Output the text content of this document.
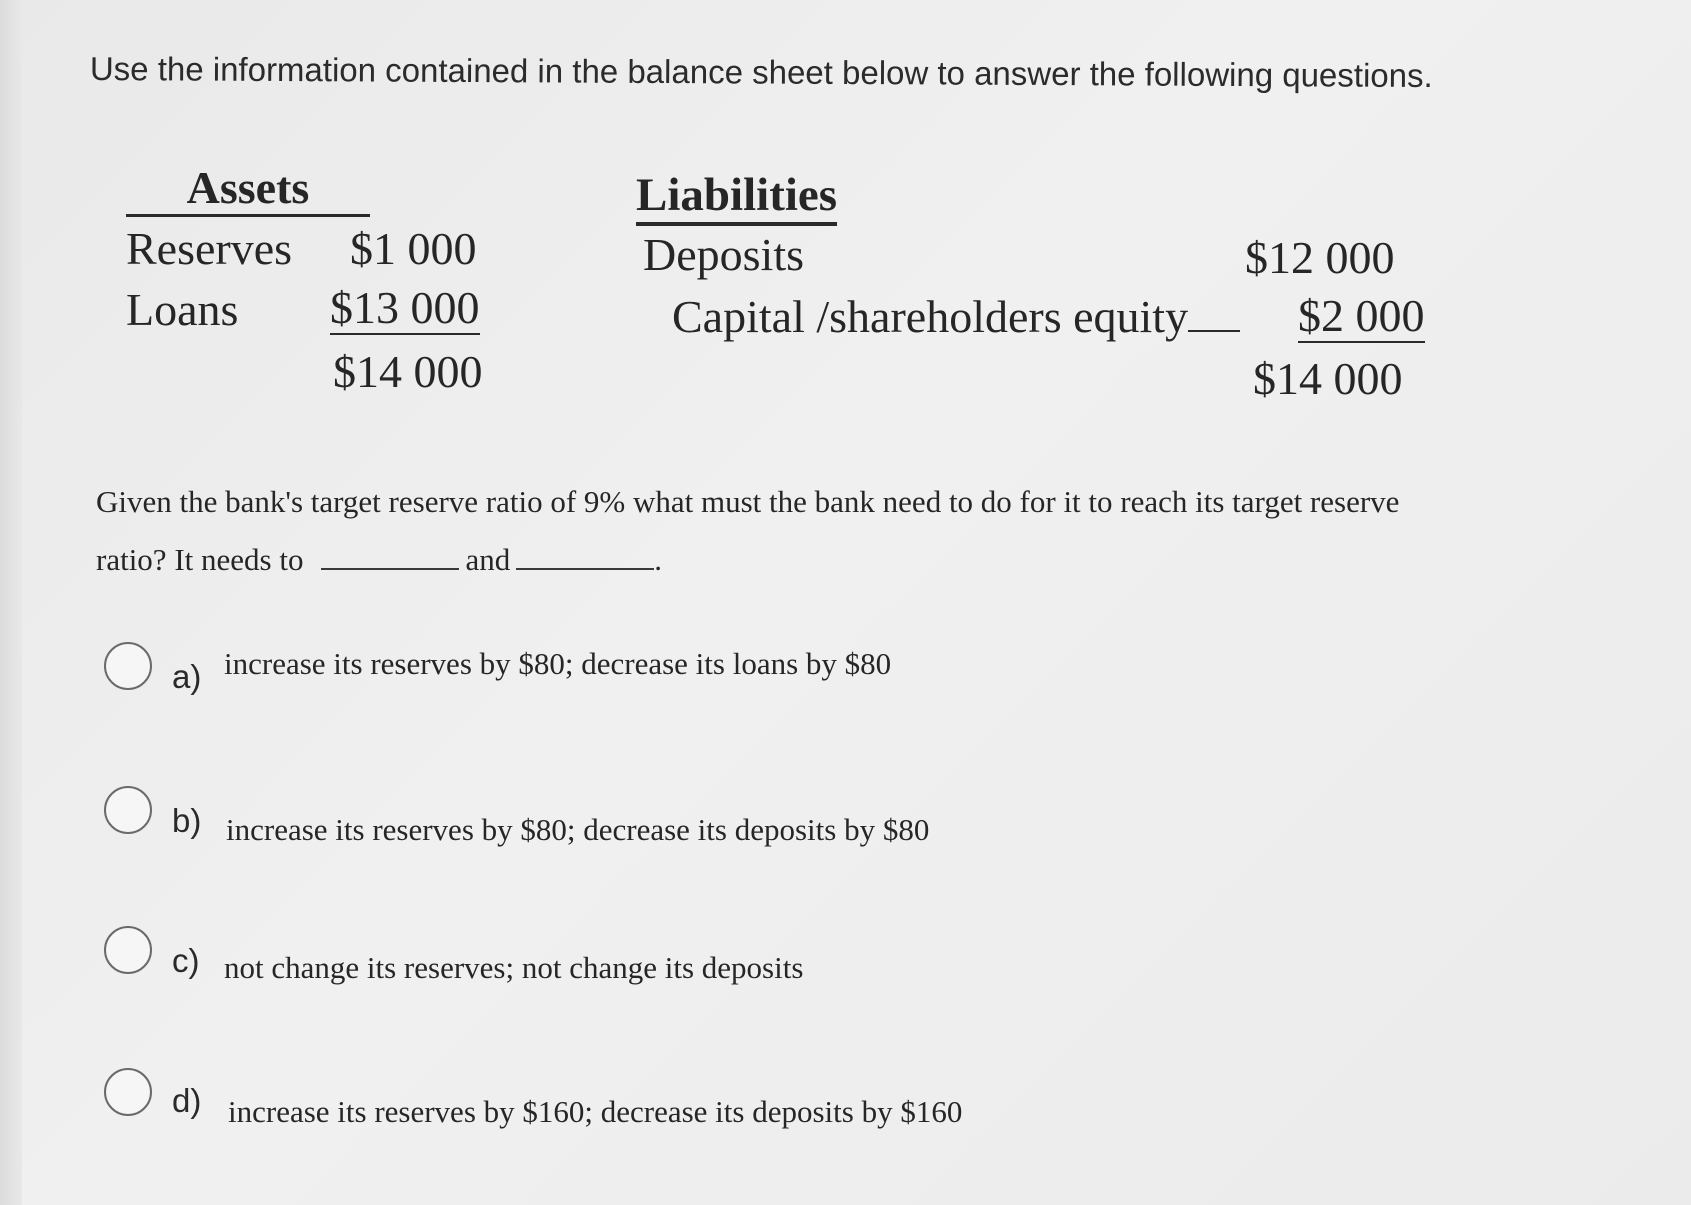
Use the information contained in the balance sheet below to answer the following questions.
Assets
Reserves $1 000
Loans $13 000
$14 000
Liabilities
Deposits	$12 000
Capital /shareholders equity	$2 000
$14 000
Given the bank's target reserve ratio of 9% what must the bank need to do for it to reach its target reserve
ratio? It needs to	and	.
a) increase its reserves by $80; decrease its loans by $80
b) increase its reserves by $80; decrease its deposits by $80
c) not change its reserves; not change its deposits
d) increase its reserves by $160; decrease its deposits by $160
